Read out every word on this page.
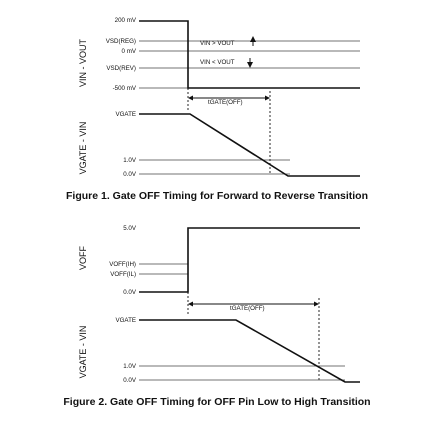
VIN - VOUT
200 mV
VSD(REG)
0 mV
VSD(REV)
-500 mV
VIN > VOUT
VIN < VOUT
tGATE(OFF)
VGATE - VIN
VGATE
1.0V
0.0V
Figure 1. Gate OFF Timing for Forward to Reverse Transition
VOFF
5.0V
VOFF(IH)
VOFF(IL)
0.0V
tGATE(OFF)
VGATE - VIN
VGATE
1.0V
0.0V
Figure 2. Gate OFF Timing for OFF Pin Low to High Transition
